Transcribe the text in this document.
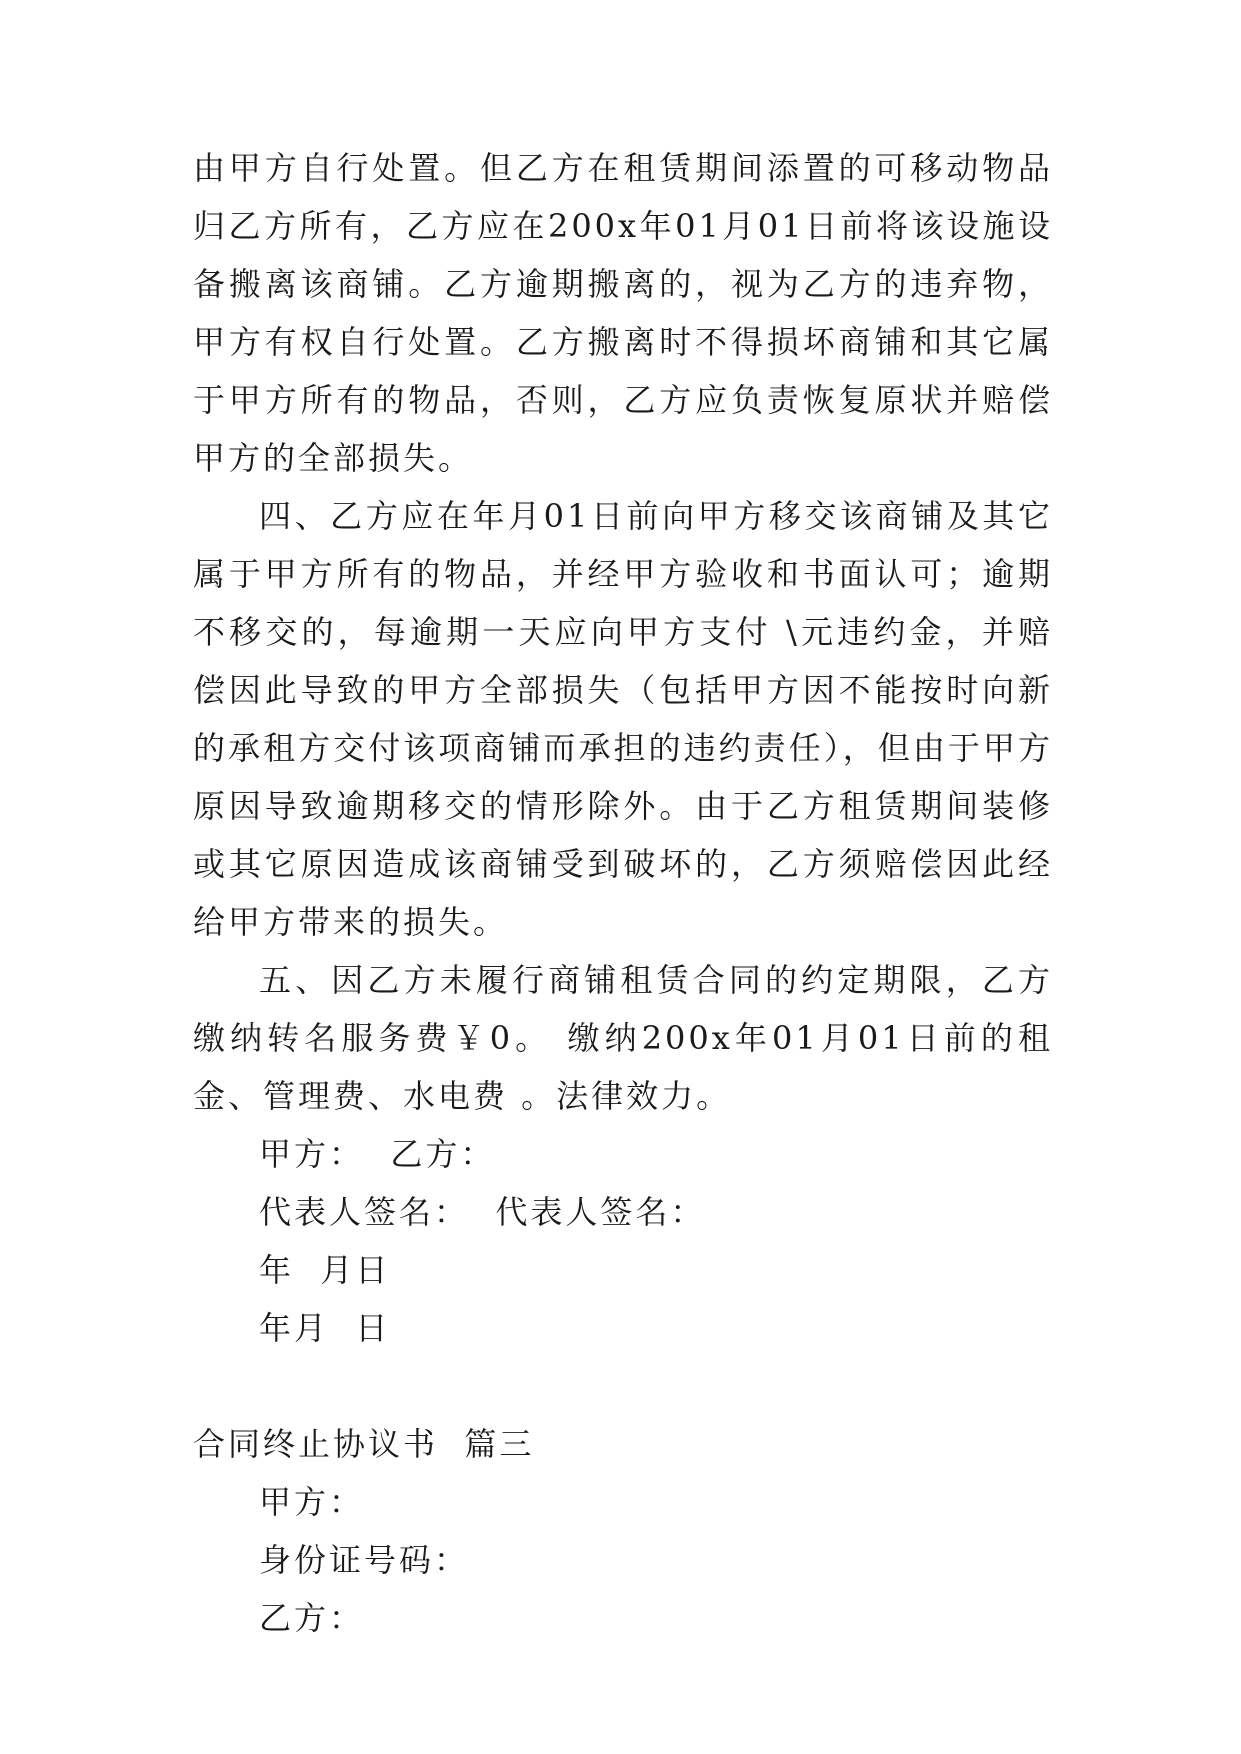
由甲方自行处置。但乙方在租赁期间添置的可移动物品归乙方所有，乙方应在200x年01月01日前将该设施设备搬离该商铺。乙方逾期搬离的，视为乙方的违弃物，甲方有权自行处置。乙方搬离时不得损坏商铺和其它属于甲方所有的物品，否则，乙方应负责恢复原状并赔偿甲方的全部损失。

四、乙方应在年月01日前向甲方移交该商铺及其它属于甲方所有的物品，并经甲方验收和书面认可；逾期不移交的，每逾期一天应向甲方支付 \元违约金，并赔偿因此导致的甲方全部损失（包括甲方因不能按时向新的承租方交付该项商铺而承担的违约责任），但由于甲方原因导致逾期移交的情形除外。由于乙方租赁期间装修或其它原因造成该商铺受到破坏的，乙方须赔偿因此经给甲方带来的损失。

五、因乙方未履行商铺租赁合同的约定期限，乙方缴纳转名服务费￥0。 缴纳200x年01月01日前的租金、管理费、水电费 。法律效力。

甲方：  乙方：

代表人签名：  代表人签名：

年  月日

年月  日

合同终止协议书  篇三

甲方：

身份证号码：

乙方：
